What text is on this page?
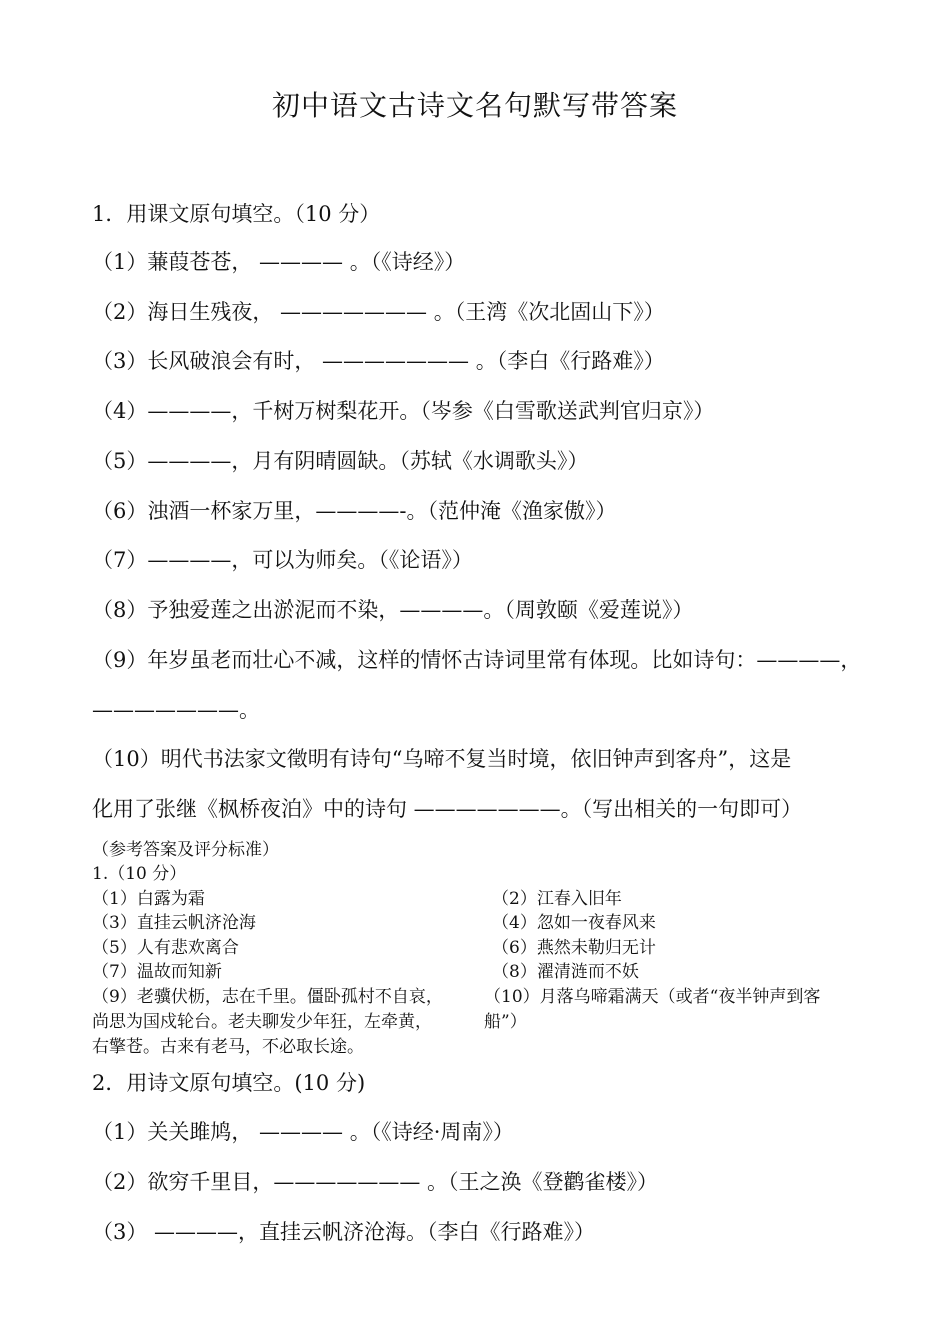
初中语文古诗文名句默写带答案
1．用课文原句填空。（10 分）
（1）蒹葭苍苍， ———— 。（《诗经》）
（2）海日生残夜， ——————— 。（王湾《次北固山下》）
（3）长风破浪会有时， ——————— 。（李白《行路难》）
（4）————，千树万树梨花开。（岑参《白雪歌送武判官归京》）
（5）————，月有阴晴圆缺。（苏轼《水调歌头》）
（6）浊酒一杯家万里，————-。（范仲淹《渔家傲》）
（7）————，可以为师矣。（《论语》）
（8）予独爱莲之出淤泥而不染，————。（周敦颐《爱莲说》）
（9）年岁虽老而壮心不减，这样的情怀古诗词里常有体现。比如诗句：————，
———————。
（10）明代书法家文徵明有诗句“乌啼不复当时境，依旧钟声到客舟”，这是
化用了张继《枫桥夜泊》中的诗句 ———————。（写出相关的一句即可）
（参考答案及评分标准）
1.（10 分）
（1）白露为霜	（2）江春入旧年
（3）直挂云帆济沧海	（4）忽如一夜春风来
（5）人有悲欢离合	（6）燕然未勒归无计
（7）温故而知新	（8）濯清涟而不妖
（9）老骥伏枥，志在千里。僵卧孤村不自哀，
尚思为国戍轮台。老夫聊发少年狂，左牵黄，
右擎苍。古来有老马，不必取长途。
（10）月落乌啼霜满天（或者“夜半钟声到客
船”）
2．用诗文原句填空。(10 分)
（1）关关雎鸠， ———— 。（《诗经·周南》）
（2）欲穷千里目，——————— 。（王之涣《登鹳雀楼》）
（3） ————，直挂云帆济沧海。（李白《行路难》）
